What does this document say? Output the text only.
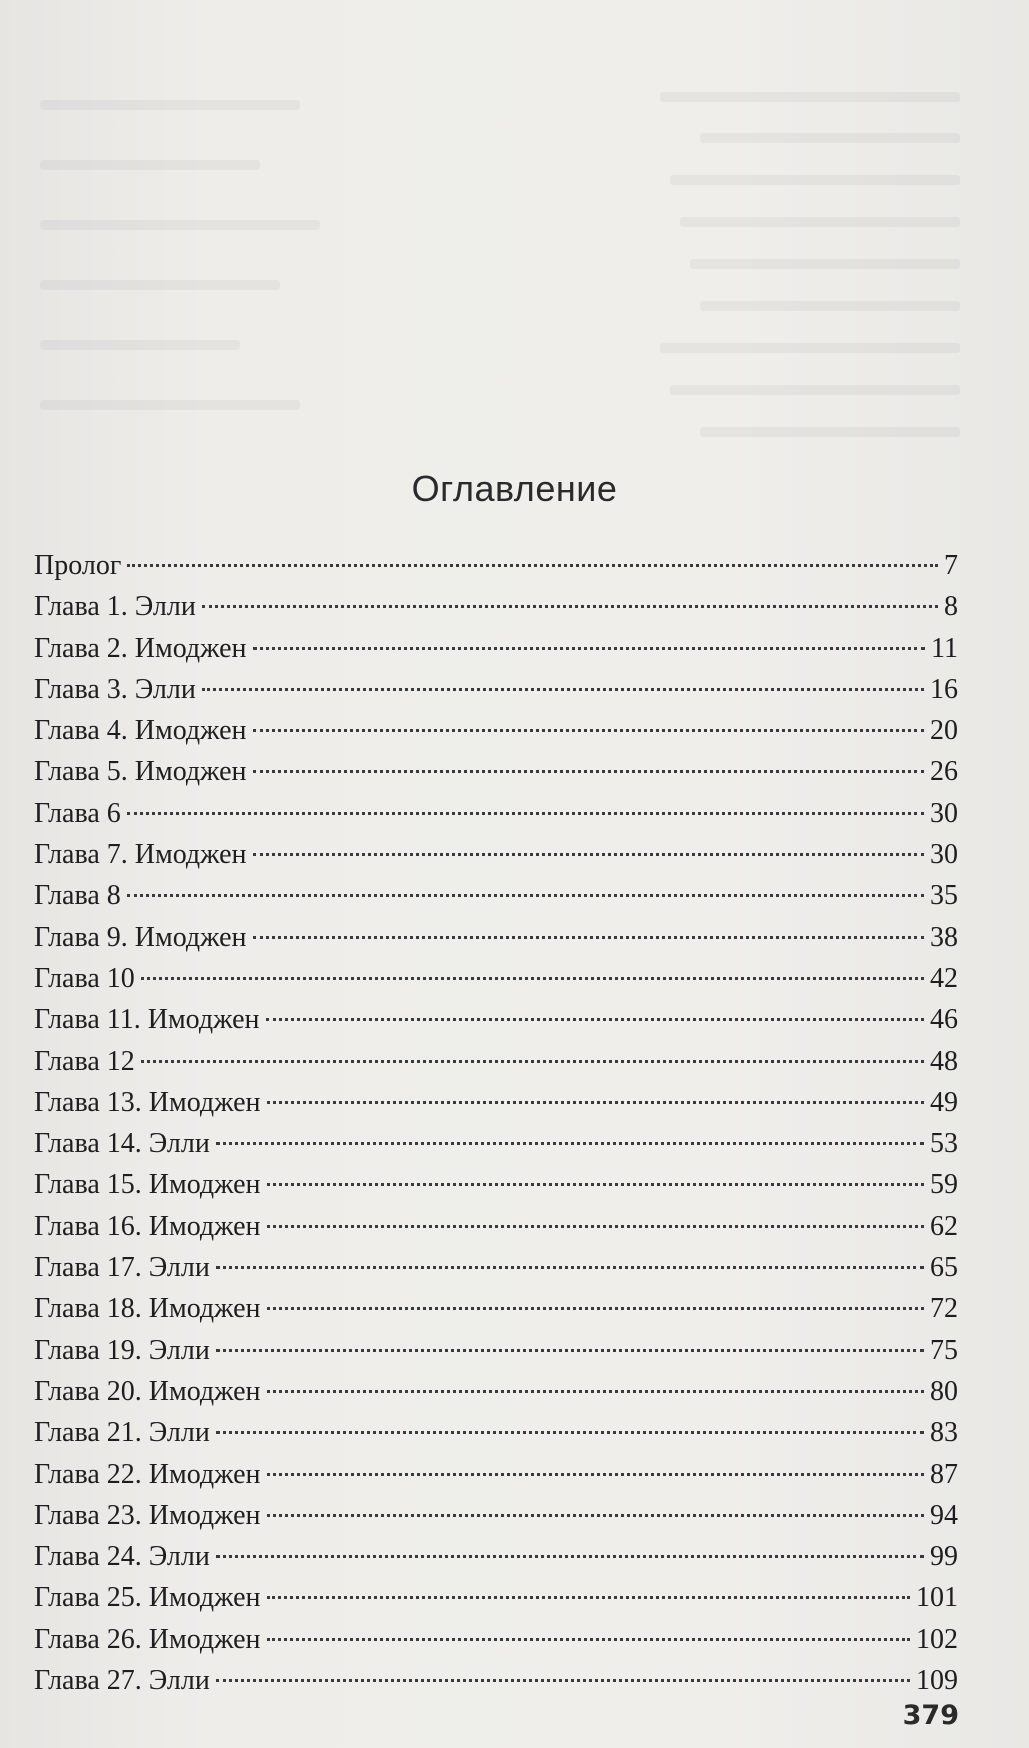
Оглавление
Пролог	7
Глава 1. Элли	8
Глава 2. Имоджен	11
Глава 3. Элли	16
Глава 4. Имоджен	20
Глава 5. Имоджен	26
Глава 6	30
Глава 7. Имоджен	30
Глава 8	35
Глава 9. Имоджен	38
Глава 10	42
Глава 11. Имоджен	46
Глава 12	48
Глава 13. Имоджен	49
Глава 14. Элли	53
Глава 15. Имоджен	59
Глава 16. Имоджен	62
Глава 17. Элли	65
Глава 18. Имоджен	72
Глава 19. Элли	75
Глава 20. Имоджен	80
Глава 21. Элли	83
Глава 22. Имоджен	87
Глава 23. Имоджен	94
Глава 24. Элли	99
Глава 25. Имоджен	101
Глава 26. Имоджен	102
Глава 27. Элли	109
379
